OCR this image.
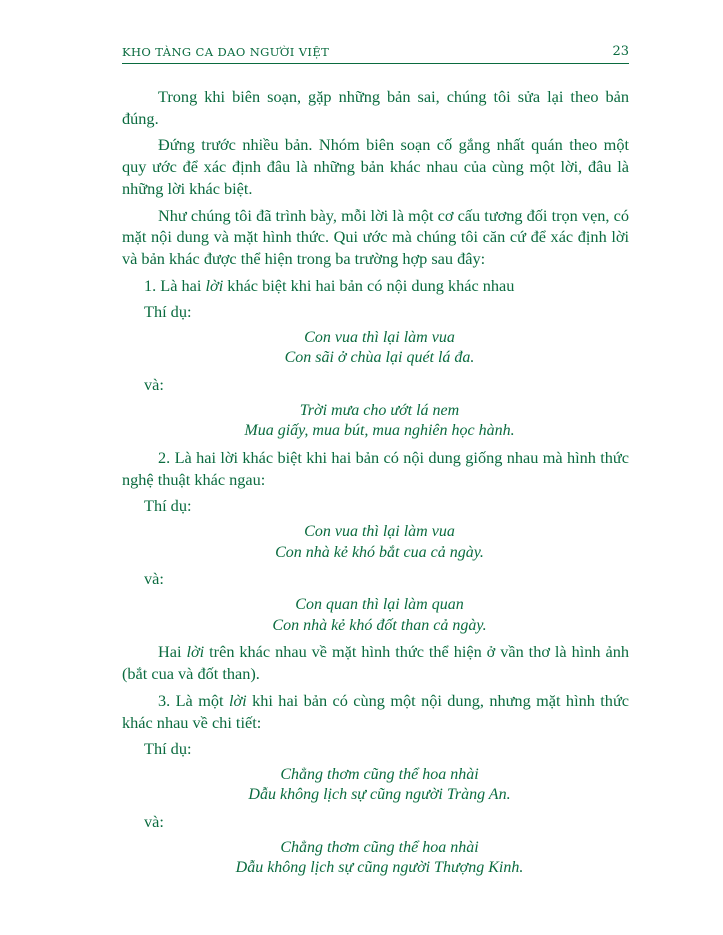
KHO TÀNG CA DAO NGƯỜI VIỆT	23

Trong khi biên soạn, gặp những bản sai, chúng tôi sửa lại theo bản đúng.

Đứng trước nhiều bản. Nhóm biên soạn cố gắng nhất quán theo một quy ước để xác định đâu là những bản khác nhau của cùng một lời, đâu là những lời khác biệt.

Như chúng tôi đã trình bày, mỗi lời là một cơ cấu tương đối trọn vẹn, có mặt nội dung và mặt hình thức. Qui ước mà chúng tôi căn cứ để xác định lời và bản khác được thể hiện trong ba trường hợp sau đây:

1. Là hai lời khác biệt khi hai bản có nội dung khác nhau

Thí dụ:

Con vua thì lại làm vua
Con sãi ở chùa lại quét lá đa.

và:

Trời mưa cho ướt lá nem
Mua giấy, mua bút, mua nghiên học hành.

2. Là hai lời khác biệt khi hai bản có nội dung giống nhau mà hình thức nghệ thuật khác ngau:

Thí dụ:

Con vua thì lại làm vua
Con nhà kẻ khó bắt cua cả ngày.

và:

Con quan thì lại làm quan
Con nhà kẻ khó đốt than cả ngày.

Hai lời trên khác nhau về mặt hình thức thể hiện ở vần thơ là hình ảnh (bắt cua và đốt than).

3. Là một lời khi hai bản có cùng một nội dung, nhưng mặt hình thức khác nhau về chi tiết:

Thí dụ:

Chẳng thơm cũng thể hoa nhài
Dẫu không lịch sự cũng người Tràng An.

và:

Chẳng thơm cũng thể hoa nhài
Dẫu không lịch sự cũng người Thượng Kinh.
